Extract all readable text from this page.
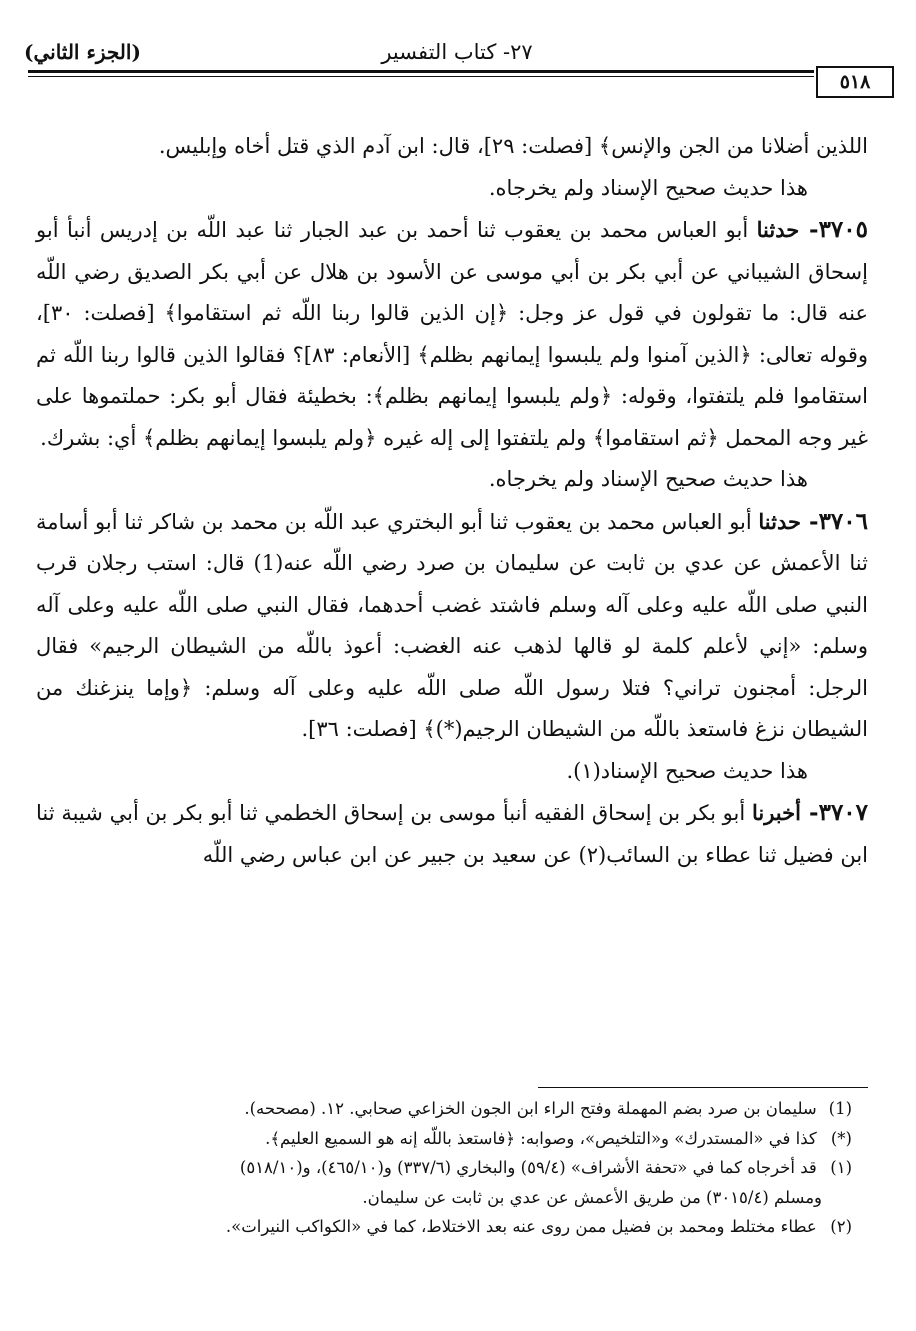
(الجزء الثاني)	٢٧- كتاب التفسير
٥١٨

اللذين أضلانا من الجن والإنس﴾ [فصلت: ٢٩]، قال: ابن آدم الذي قتل أخاه وإبليس.

هذا حديث صحيح الإسناد ولم يخرجاه.

٣٧٠٥- حدثنا أبو العباس محمد بن يعقوب ثنا أحمد بن عبد الجبار ثنا عبد اللّه بن إدريس أنبأ أبو إسحاق الشيباني عن أبي بكر بن أبي موسى عن الأسود بن هلال عن أبي بكر الصديق رضي اللّه عنه قال: ما تقولون في قول عز وجل: ﴿إن الذين قالوا ربنا اللّه ثم استقاموا﴾ [فصلت: ٣٠]، وقوله تعالى: ﴿الذين آمنوا ولم يلبسوا إيمانهم بظلم﴾ [الأنعام: ٨٣]؟ فقالوا الذين قالوا ربنا اللّه ثم استقاموا فلم يلتفتوا، وقوله: ﴿ولم يلبسوا إيمانهم بظلم﴾: بخطيئة فقال أبو بكر: حملتموها على غير وجه المحمل ﴿ثم استقاموا﴾ ولم يلتفتوا إلى إله غيره ﴿ولم يلبسوا إيمانهم بظلم﴾ أي: بشرك.

هذا حديث صحيح الإسناد ولم يخرجاه.

٣٧٠٦- حدثنا أبو العباس محمد بن يعقوب ثنا أبو البختري عبد اللّه بن محمد بن شاكر ثنا أبو أسامة ثنا الأعمش عن عدي بن ثابت عن سليمان بن صرد رضي اللّه عنه(1) قال: استب رجلان قرب النبي صلى اللّه عليه وعلى آله وسلم فاشتد غضب أحدهما، فقال النبي صلى اللّه عليه وعلى آله وسلم: «إني لأعلم كلمة لو قالها لذهب عنه الغضب: أعوذ باللّه من الشيطان الرجيم» فقال الرجل: أمجنون تراني؟ فتلا رسول اللّه صلى اللّه عليه وعلى آله وسلم: ﴿وإما ينزغنك من الشيطان نزغ فاستعذ باللّه من الشيطان الرجيم(*)﴾ [فصلت: ٣٦].

هذا حديث صحيح الإسناد(١).

٣٧٠٧- أخبرنا أبو بكر بن إسحاق الفقيه أنبأ موسى بن إسحاق الخطمي ثنا أبو بكر بن أبي شيبة ثنا ابن فضيل ثنا عطاء بن السائب(٢) عن سعيد بن جبير عن ابن عباس رضي اللّه

(1) سليمان بن صرد بضم المهملة وفتح الراء ابن الجون الخزاعي صحابي. ١٢. (مصححه).

(*) كذا في «المستدرك» و«التلخيص»، وصوابه: ﴿فاستعذ باللّه إنه هو السميع العليم﴾.

(١) قد أخرجاه كما في «تحفة الأشراف» (٥٩/٤) والبخاري (٣٣٧/٦) و(٤٦٥/١٠)، و(٥١٨/١٠)

ومسلم (٣٠١٥/٤) من طريق الأعمش عن عدي بن ثابت عن سليمان.

(٢) عطاء مختلط ومحمد بن فضيل ممن روى عنه بعد الاختلاط، كما في «الكواكب النيرات».
